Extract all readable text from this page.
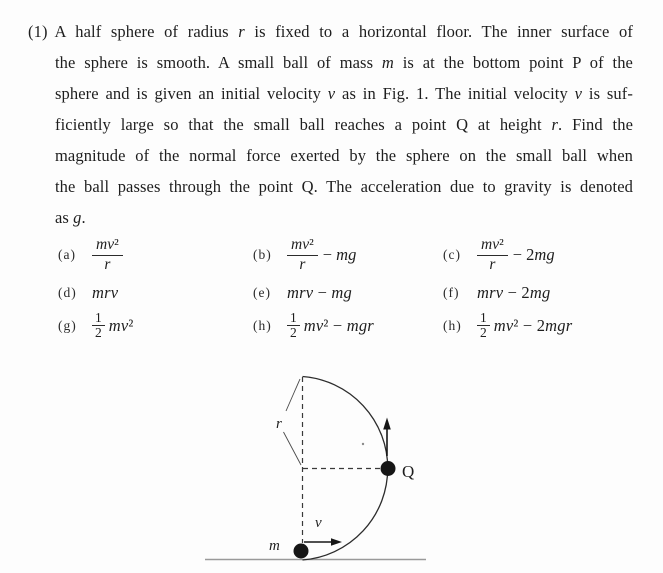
(1) A half sphere of radius r is fixed to a horizontal floor. The inner surface of
the sphere is smooth. A small ball of mass m is at the bottom point P of the
sphere and is given an initial velocity v as in Fig. 1. The initial velocity v is suf-
ficiently large so that the small ball reaches a point Q at height r. Find the
magnitude of the normal force exerted by the sphere on the small ball when
the ball passes through the point Q. The acceleration due to gravity is denoted
as g.
(a)	$\frac{\text{mv²}}{r}$	$(b) \frac{\text{mv²}}{r}$ − mg	(c)	$\frac{\text{mv²}}{r} - 2mg$
(d) mrv	(e) mrv − mg	(f)	mrv − 2mg
(g)	$\frac{1}{2} mv^2$	(h)	$\frac{1}{2} mv^2$ − mgr	(h)	$\frac{1}{2} mv^2 - 2mgr$
r
Q
m
v
